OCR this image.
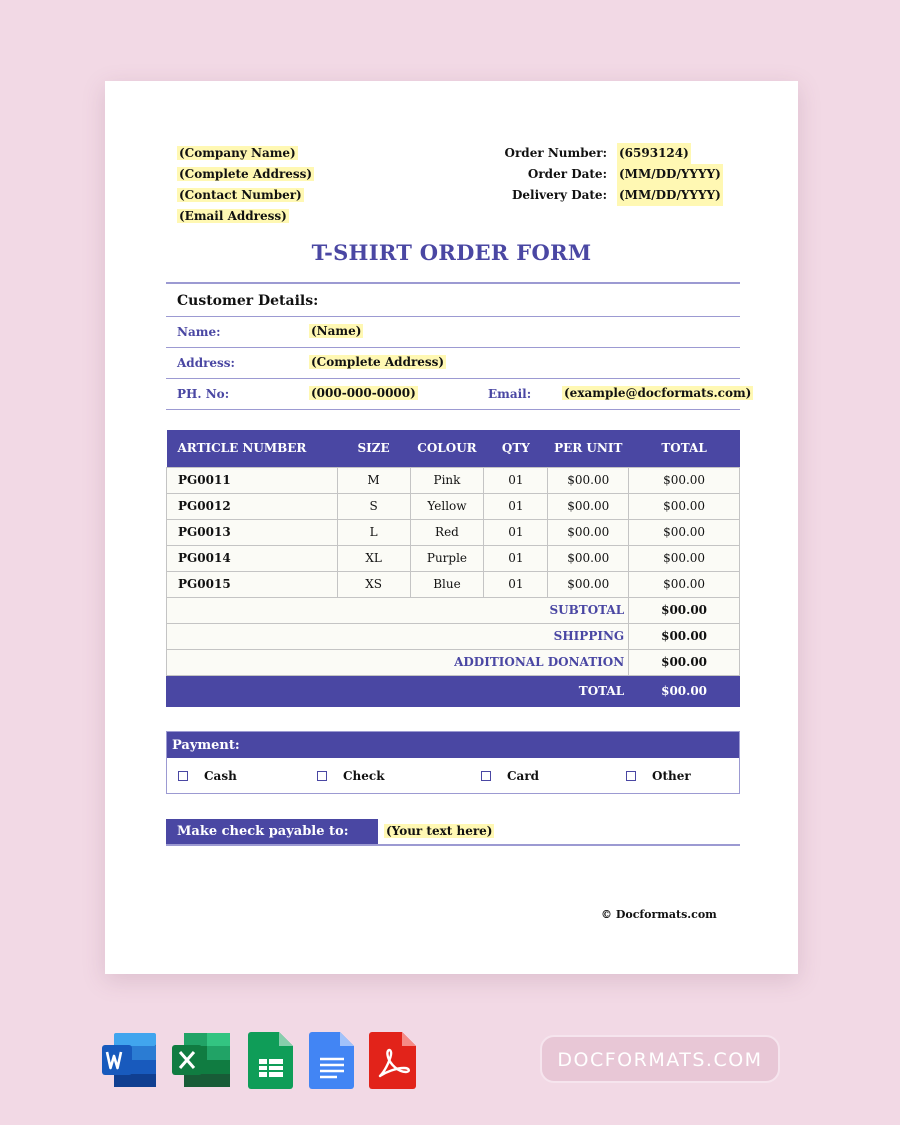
(Company Name)
(Complete Address)
(Contact Number)
(Email Address)
Order Number:	(6593124)
Order Date:	(MM/DD/YYYY)
Delivery Date:	(MM/DD/YYYY)
T-SHIRT ORDER FORM
Customer Details:
Name:	(Name)
Address:	(Complete Address)
PH. No:	(000-000-0000)	Email:	(example@docformats.com)
ARTICLE NUMBER	SIZE	COLOUR	QTY	PER UNIT	TOTAL
PG0011	M	Pink	01	$00.00	$00.00
PG0012	S	Yellow	01	$00.00	$00.00
PG0013	L	Red	01	$00.00	$00.00
PG0014	XL	Purple	01	$00.00	$00.00
PG0015	XS	Blue	01	$00.00	$00.00
SUBTOTAL					$00.00
SHIPPING					$00.00
ADDITIONAL DONATION					$00.00
TOTAL					$00.00
Payment:
Cash	Check	Card	Other
Make check payable to:	(Your text here)
© Docformats.com
DOCFORMATS.COM
